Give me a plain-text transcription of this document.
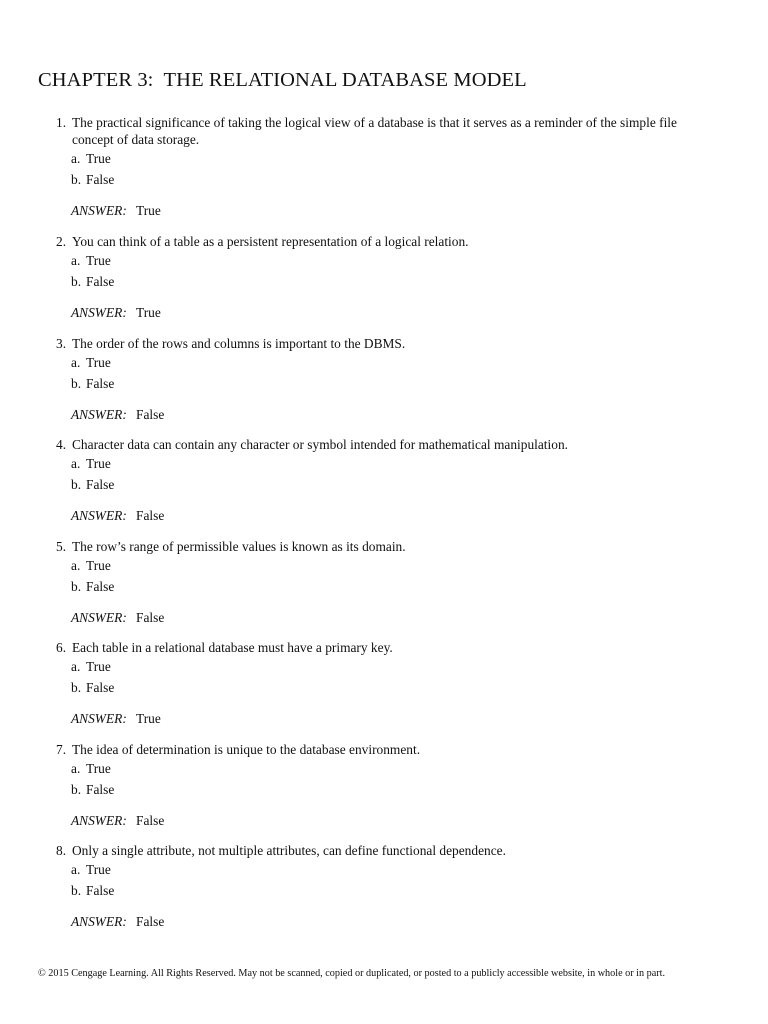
CHAPTER 3:  THE RELATIONAL DATABASE MODEL
1. The practical significance of taking the logical view of a database is that it serves as a reminder of the simple file concept of data storage.
a. True
b. False
ANSWER: True
2. You can think of a table as a persistent representation of a logical relation.
a. True
b. False
ANSWER: True
3. The order of the rows and columns is important to the DBMS.
a. True
b. False
ANSWER: False
4. Character data can contain any character or symbol intended for mathematical manipulation.
a. True
b. False
ANSWER: False
5. The row’s range of permissible values is known as its domain.
a. True
b. False
ANSWER: False
6. Each table in a relational database must have a primary key.
a. True
b. False
ANSWER: True
7. The idea of determination is unique to the database environment.
a. True
b. False
ANSWER: False
8. Only a single attribute, not multiple attributes, can define functional dependence.
a. True
b. False
ANSWER: False
© 2015 Cengage Learning. All Rights Reserved. May not be scanned, copied or duplicated, or posted to a publicly accessible website, in whole or in part.
